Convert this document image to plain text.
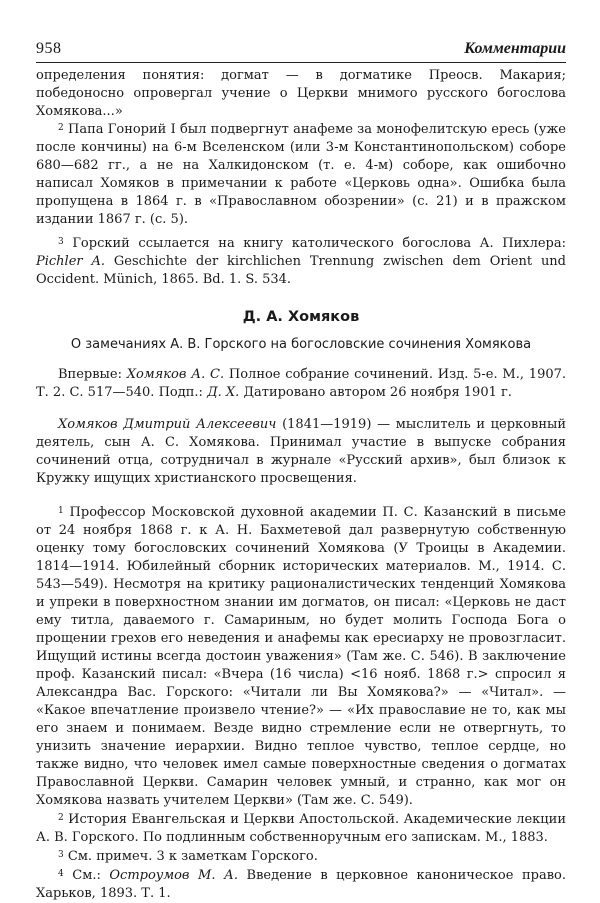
958	Комментарии

определения понятия: догмат — в догматике Преосв. Макария; победоносно опровергал учение о Церкви мнимого русского богослова Хомякова...»

$^2$ Папа Гонорий I был подвергнут анафеме за монофелитскую ересь (уже после кончины) на 6-м Вселенском (или 3-м Константинопольском) соборе 680—682 гг., а не на Халкидонском (т. е. 4-м) соборе, как ошибочно написал Хомяков в примечании к работе «Церковь одна». Ошибка была пропущена в 1864 г. в «Православном обозрении» (с. 21) и в пражском издании 1867 г. (с. 5).

$^3$ Горский ссылается на книгу католического богослова А. Пихлера: Pichler A. Geschichte der kirchlichen Trennung zwischen dem Orient und Occident. Münich, 1865. Bd. 1. S. 534.

Д. А. Хомяков
О замечаниях А. В. Горского на богословские сочинения Хомякова

Впервые: Хомяков А. С. Полное собрание сочинений. Изд. 5-е. М., 1907. Т. 2. С. 517—540. Подп.: Д. Х. Датировано автором 26 ноября 1901 г.

Хомяков Дмитрий Алексеевич (1841—1919) — мыслитель и церковный деятель, сын А. С. Хомякова. Принимал участие в выпуске собрания сочинений отца, сотрудничал в журнале «Русский архив», был близок к Кружку ищущих христианского просвещения.

$^1$ Профессор Московской духовной академии П. С. Казанский в письме от 24 ноября 1868 г. к А. Н. Бахметевой дал развернутую собственную оценку тому богословских сочинений Хомякова (У Троицы в Академии. 1814—1914. Юбилейный сборник исторических материалов. М., 1914. С. 543—549). Несмотря на критику рационалистических тенденций Хомякова и упреки в поверхностном знании им догматов, он писал: «Церковь не даст ему титла, даваемого г. Самариным, но будет молить Господа Бога о прощении грехов его неведения и анафемы как ересиарху не провозгласит. Ищущий истины всегда достоин уважения» (Там же. С. 546). В заключение проф. Казанский писал: «Вчера (16 числа) <16 нояб. 1868 г.> спросил я Александра Вас. Горского: «Читали ли Вы Хомякова?» — «Читал». — «Какое впечатление произвело чтение?» — «Их православие не то, как мы его знаем и понимаем. Везде видно стремление если не отвергнуть, то унизить значение иерархии. Видно теплое чувство, теплое сердце, но также видно, что человек имел самые поверхностные сведения о догматах Православной Церкви. Самарин человек умный, и странно, как мог он Хомякова назвать учителем Церкви» (Там же. С. 549).

$^2$ История Евангельская и Церкви Апостольской. Академические лекции А. В. Горского. По подлинным собственноручным его запискам. М., 1883.

$^3$ См. примеч. 3 к заметкам Горского.

$^4$ См.: Остроумов М. А. Введение в церковное каноническое право. Харьков, 1893. Т. 1.
